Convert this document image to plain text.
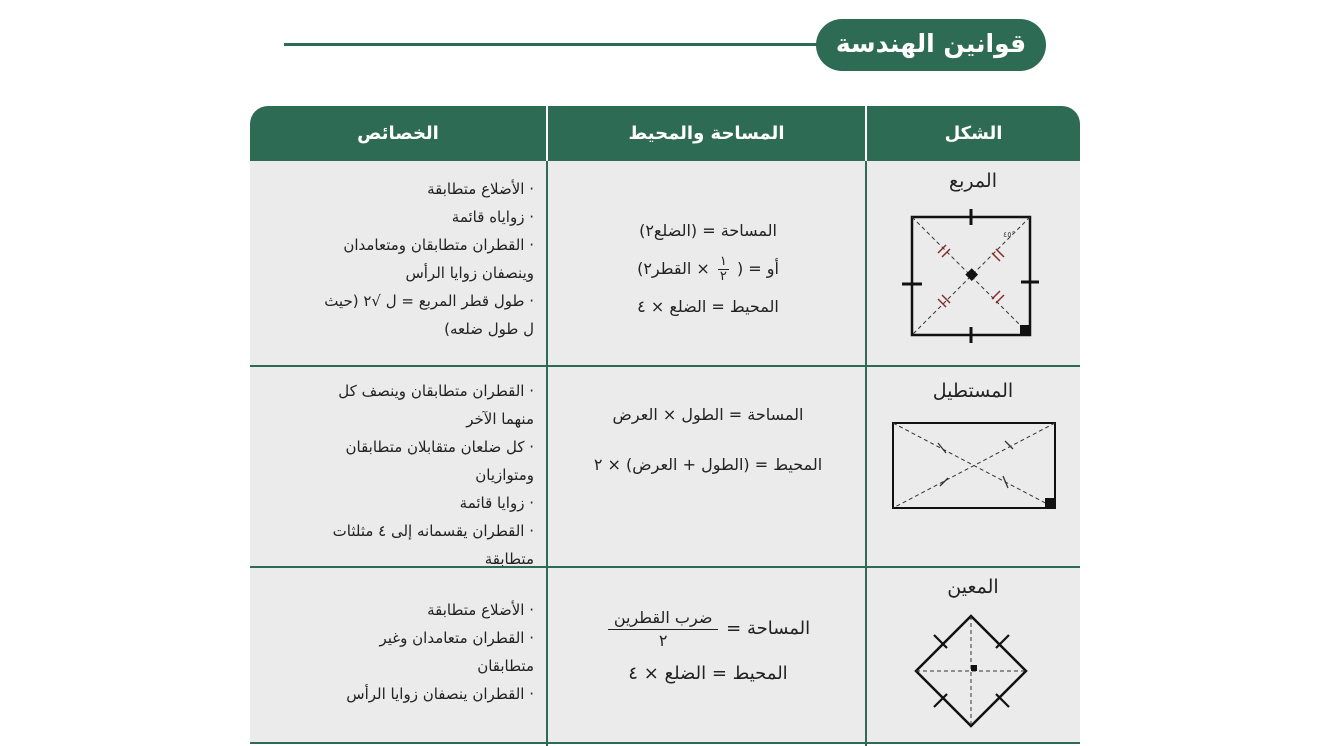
قوانين الهندسة
الشكل
المساحة والمحيط
الخصائص
المربع
٤٥°
المساحة = (الضلع٢)
أو = (
$\frac{١}{٢}$
× القطر٢)
المحيط = الضلع × ٤
· الأضلاع متطابقة
· زواياه قائمة
· القطران متطابقان ومتعامدان
وينصفان زوايا الرأس
· طول قطر المربع = ل √٢ (حيث
ل طول ضلعه)
المستطيل
المساحة = الطول × العرض
المحيط = (الطول + العرض) × ٢
· القطران متطابقان وينصف كل
منهما الآخر
· كل ضلعان متقابلان متطابقان
ومتوازيان
· زوايا قائمة
· القطران يقسمانه إلى ٤ مثلثات
متطابقة
المعين
المساحة =
$\frac{\text{ضرب القطرين}}{٢}$
المحيط = الضلع × ٤
· الأضلاع متطابقة
· القطران متعامدان وغير
متطابقان
· القطران ينصفان زوايا الرأس
